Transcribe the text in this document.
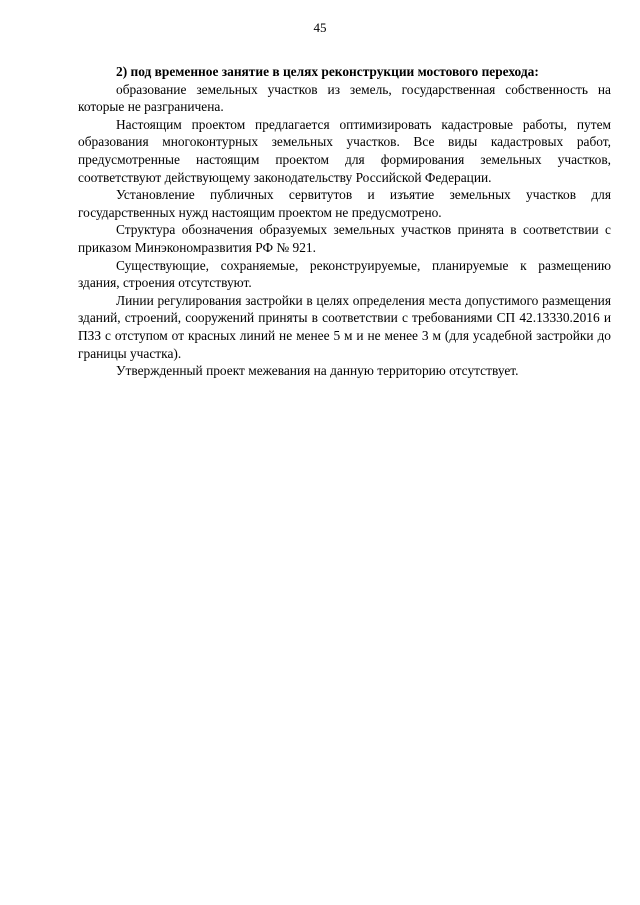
45
2) под временное занятие в целях реконструкции мостового перехода:

образование земельных участков из земель, государственная собственность на которые не разграничена.

Настоящим проектом предлагается оптимизировать кадастровые работы, путем образования многоконтурных земельных участков. Все виды кадастровых работ, предусмотренные настоящим проектом для формирования земельных участков, соответствуют действующему законодательству Российской Федерации.

Установление публичных сервитутов и изъятие земельных участков для государственных нужд настоящим проектом не предусмотрено.

Структура обозначения образуемых земельных участков принята в соответствии с приказом Минэкономразвития РФ № 921.

Существующие, сохраняемые, реконструируемые, планируемые к размещению здания, строения отсутствуют.

Линии регулирования застройки в целях определения места допустимого размещения зданий, строений, сооружений приняты в соответствии с требованиями СП 42.13330.2016 и ПЗЗ с отступом от красных линий не менее 5 м и не менее 3 м (для усадебной застройки до границы участка).

Утвержденный проект межевания на данную территорию отсутствует.
